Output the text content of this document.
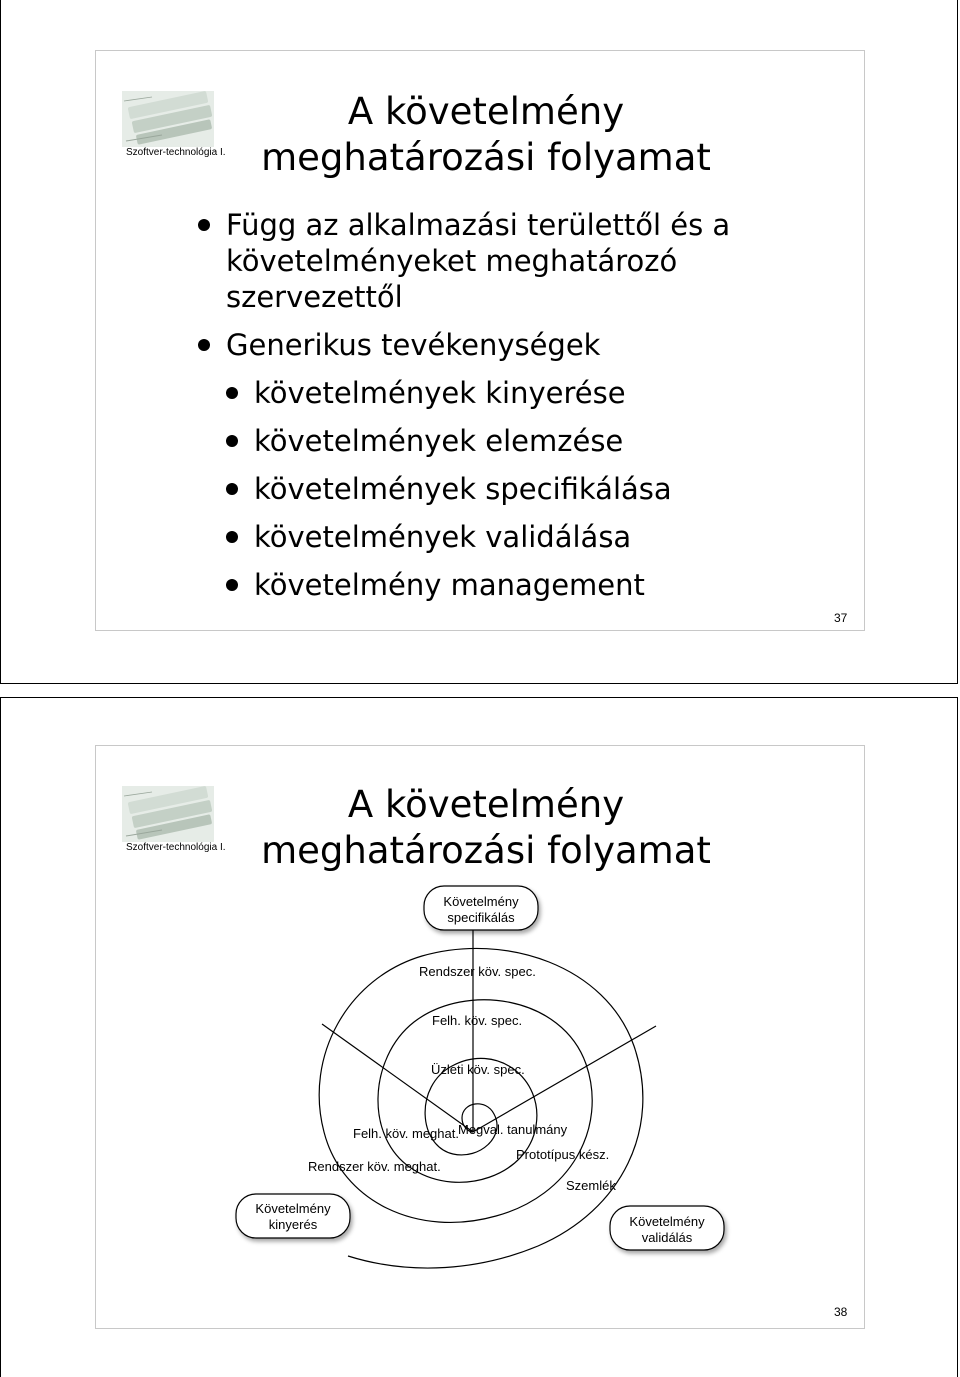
Szoftver-technológia I.
A követelmény
meghatározási folyamat
Függ az alkalmazási területtől és a
követelményeket meghatározó
szervezettől
Generikus tevékenységek
követelmények kinyerése
követelmények elemzése
követelmények specifikálása
követelmények validálása
követelmény management
37
Szoftver-technológia I.
A követelmény
meghatározási folyamat
Követelmény
specifikálás
Követelmény
kinyerés	Követelmény
validálás
Rendszer köv. spec.
Felh. köv. spec.
Üzleti köv. spec.
Felh. köv. meghat.
Rendszer köv. meghat.
Megval. tanulmány
Prototípus kész.
Szemlék
38
